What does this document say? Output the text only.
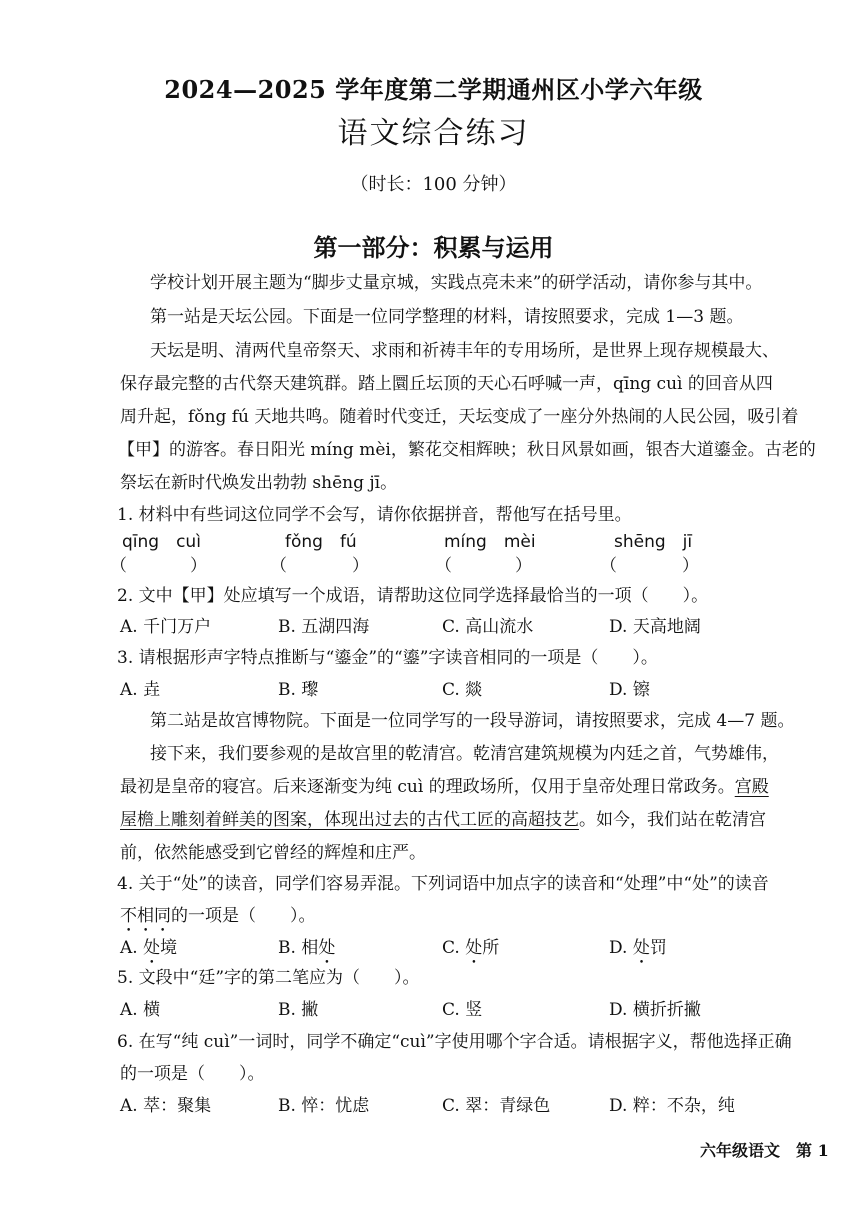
2024—2025 学年度第二学期通州区小学六年级
语文综合练习
（时长：100 分钟）
第一部分：积累与运用
学校计划开展主题为“脚步丈量京城，实践点亮未来”的研学活动，请你参与其中。
第一站是天坛公园。下面是一位同学整理的材料，请按照要求，完成 1—3 题。
天坛是明、清两代皇帝祭天、求雨和祈祷丰年的专用场所，是世界上现存规模最大、
保存最完整的古代祭天建筑群。踏上圜丘坛顶的天心石呼喊一声，qīng cuì 的回音从四
周升起，fǒng fú 天地共鸣。随着时代变迁，天坛变成了一座分外热闹的人民公园，吸引着
【甲】的游客。春日阳光 míng mèi，繁花交相辉映；秋日风景如画，银杏大道鎏金。古老的
祭坛在新时代焕发出勃勃 shēng jī。
1. 材料中有些词这位同学不会写，请你依据拼音，帮他写在括号里。
qīng　cuì	fǒng　fú	míng　mèi	shēng　jī
（	）	（	）	（	）	（	）
2. 文中【甲】处应填写一个成语，请帮助这位同学选择最恰当的一项（　　）。
A. 千门万户	B. 五湖四海	C. 高山流水	D. 天高地阔
3. 请根据形声字特点推断与“鎏金”的“鎏”字读音相同的一项是（　　）。
A. 垚	B. 瓈	C. 燚	D. 镲
第二站是故宫博物院。下面是一位同学写的一段导游词，请按照要求，完成 4—7 题。
接下来，我们要参观的是故宫里的乾清宫。乾清宫建筑规模为内廷之首，气势雄伟，
最初是皇帝的寝宫。后来逐渐变为纯 cuì 的理政场所，仅用于皇帝处理日常政务。宫殿
屋檐上雕刻着鲜美的图案，体现出过去的古代工匠的高超技艺。如今，我们站在乾清宫
前，依然能感受到它曾经的辉煌和庄严。
4. 关于“处”的读音，同学们容易弄混。下列词语中加点字的读音和“处理”中“处”的读音
不相同的一项是（　　）。
A. 处境	B. 相处	C. 处所	D. 处罚
5. 文段中“廷”字的第二笔应为（　　）。
A. 横	B. 撇	C. 竖	D. 横折折撇
6. 在写“纯 cuì”一词时，同学不确定“cuì”字使用哪个字合适。请根据字义，帮他选择正确
的一项是（　　）。
A. 萃：聚集	B. 悴：忧虑	C. 翠：青绿色	D. 粹：不杂，纯
六年级语文　第 1
